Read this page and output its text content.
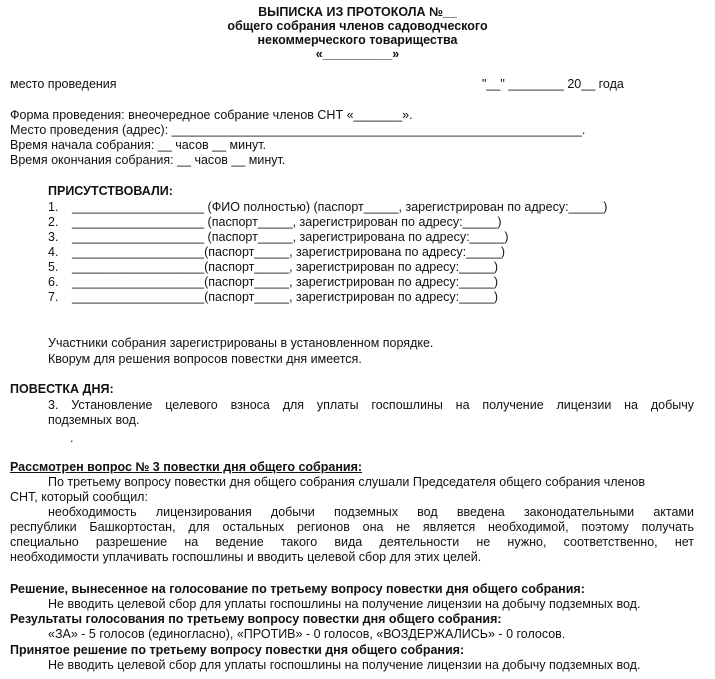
ВЫПИСКА ИЗ ПРОТОКОЛА №__
общего собрания членов садоводческого
некоммерческого товарищества
«__________»
место проведения	"__" ________ 20__ года
Форма проведения: внеочередное собрание членов СНТ «_______».
Место проведения (адрес): ___________________________________________________________.
Время начала собрания: __ часов __ минут.
Время окончания собрания: __ часов __ минут.
ПРИСУТСТВОВАЛИ:
1. ___________________ (ФИО полностью) (паспорт_____, зарегистрирован по адресу:_____)
2. ___________________ (паспорт_____, зарегистрирован по адресу:_____)
3. ___________________ (паспорт_____, зарегистрирована по адресу:_____)
4. ___________________(паспорт_____, зарегистрирована по адресу:_____)
5. ___________________(паспорт_____, зарегистрирован по адресу:_____)
6. ___________________(паспорт_____, зарегистрирован по адресу:_____)
7. ___________________(паспорт_____, зарегистрирован по адресу:_____)
Участники собрания зарегистрированы в установленном порядке.
Кворум для решения вопросов повестки дня имеется.
ПОВЕСТКА ДНЯ:
3. Установление целевого взноса для уплаты госпошлины на получение лицензии на добычу
подземных вод.
.
Рассмотрен вопрос № 3 повестки дня общего собрания:
По третьему вопросу повестки дня общего собрания слушали Председателя общего собрания членов
СНТ, который сообщил:
необходимость лицензирования добычи подземных вод введена законодательными актами
республики Башкортостан, для остальных регионов она не является необходимой, поэтому получать
специально разрешение на ведение такого вида деятельности не нужно, соответственно, нет
необходимости уплачивать госпошлины и вводить целевой сбор для этих целей.
Решение, вынесенное на голосование по третьему вопросу повестки дня общего собрания:
Не вводить целевой сбор для уплаты госпошлины на получение лицензии на добычу подземных вод.
Результаты голосования по третьему вопросу повестки дня общего собрания:
«ЗА» - 5 голосов (единогласно), «ПРОТИВ» - 0 голосов, «ВОЗДЕРЖАЛИСЬ» - 0 голосов.
Принятое решение по третьему вопросу повестки дня общего собрания:
Не вводить целевой сбор для уплаты госпошлины на получение лицензии на добычу подземных вод.
